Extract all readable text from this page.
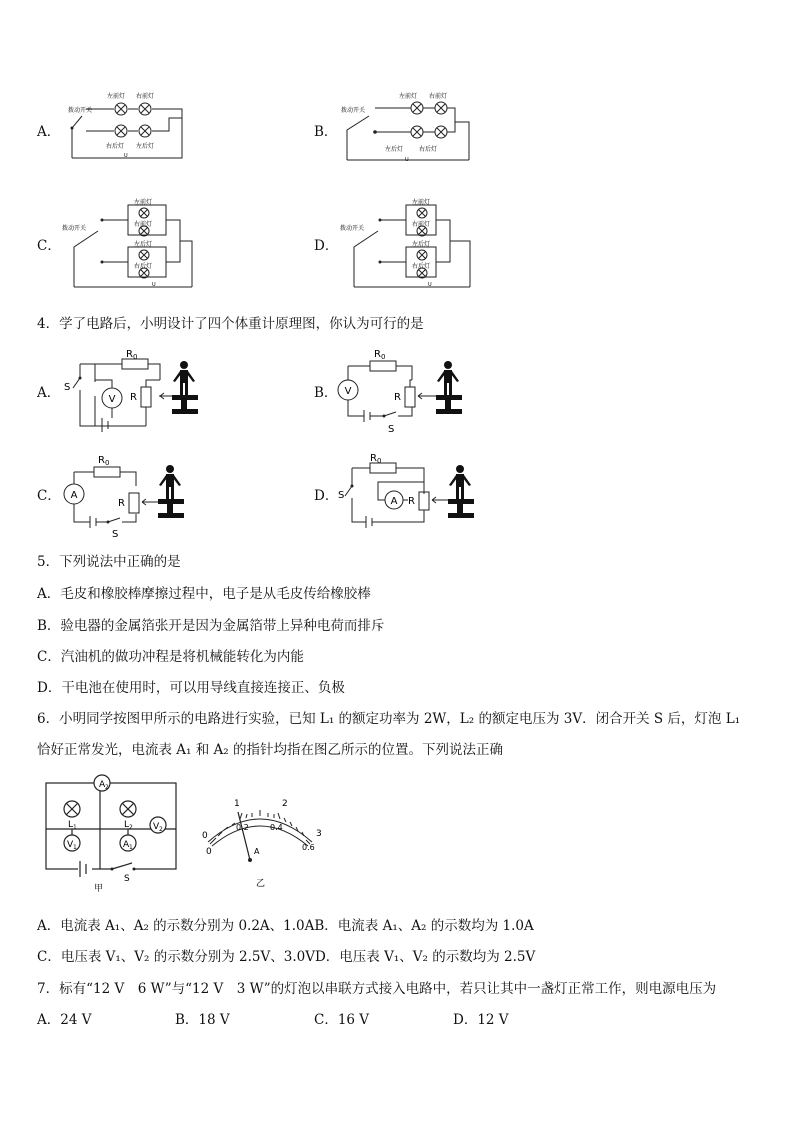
A．
拨动开关
左前灯 右前灯
右后灯 左后灯
U
B．
拨动开关
左前灯 右前灯
左后灯	右后灯
U
C．
拨动开关
左前灯
右前灯
左后灯
右后灯
U
D．
拨动开关
左前灯
右前灯
左后灯
右后灯
U
4．学了电路后，小明设计了四个体重计原理图，你认为可行的是
A．	V
S
R 0
R	B． V
R 0
R
S
C． A
R 0
R
S
D．	A
S
R 0
R
5．下列说法中正确的是
A．毛皮和橡胶棒摩擦过程中，电子是从毛皮传给橡胶棒
B．验电器的金属箔张开是因为金属箔带上异种电荷而排斥
C．汽油机的做功冲程是将机械能转化为内能
D．干电池在使用时，可以用导线直接连接正、负极
6．小明同学按图甲所示的电路进行实验，已知 L₁ 的额定功率为 2W，L₂ 的额定电压为 3V．闭合开关 S 后，灯泡 L₁
恰好正常发光，电流表 A₁ 和 A₂ 的指针均指在图乙所示的位置。下列说法正确
A 2
V 1	A 1
V 2
L 1	L 2
S
甲
1	2
3
0
0
0.2	0.4
0.6
A
乙
A．电流表 A₁、A₂ 的示数分别为 0.2A、1.0AB．电流表 A₁、A₂ 的示数均为 1.0A
C．电压表 V₁、V₂ 的示数分别为 2.5V、3.0VD．电压表 V₁、V₂ 的示数均为 2.5V
7．标有“12 V　6 W”与“12 V　3 W”的灯泡以串联方式接入电路中，若只让其中一盏灯正常工作，则电源电压为
A．24 V	B．18 V	C．16 V	D．12 V
